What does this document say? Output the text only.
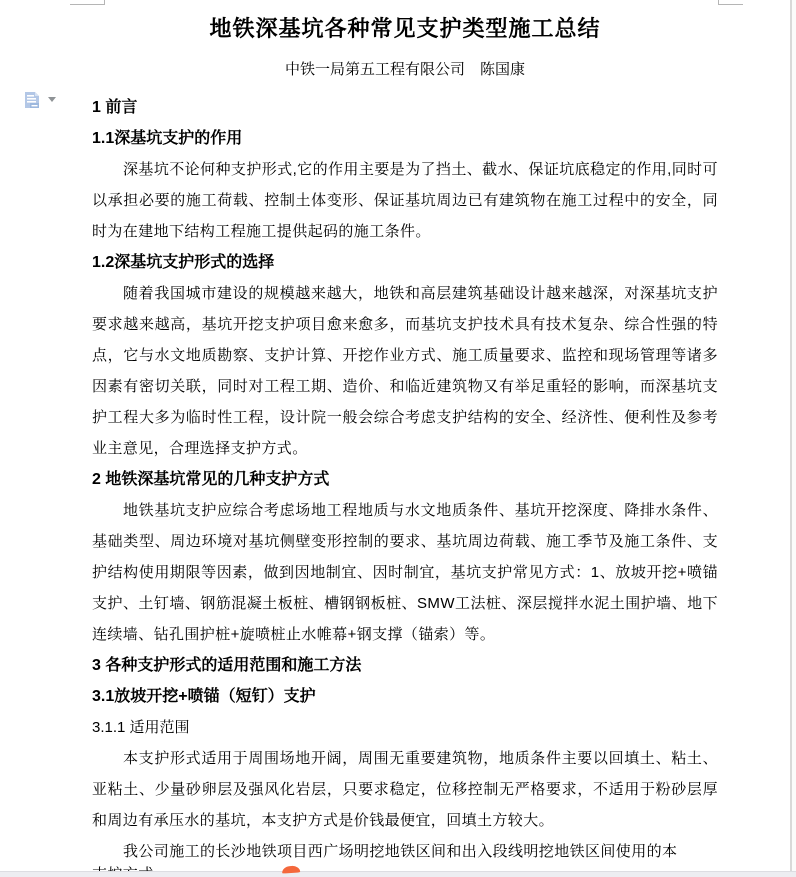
地铁深基坑各种常见支护类型施工总结
中铁一局第五工程有限公司　陈国康
1 前言
1.1深基坑支护的作用
深基坑不论何种支护形式,它的作用主要是为了挡土、截水、保证坑底稳定的作用,同时可以承担必要的施工荷载、控制土体变形、保证基坑周边已有建筑物在施工过程中的安全，同时为在建地下结构工程施工提供起码的施工条件。
1.2深基坑支护形式的选择
随着我国城市建设的规模越来越大，地铁和高层建筑基础设计越来越深，对深基坑支护要求越来越高，基坑开挖支护项目愈来愈多，而基坑支护技术具有技术复杂、综合性强的特点，它与水文地质勘察、支护计算、开挖作业方式、施工质量要求、监控和现场管理等诸多因素有密切关联，同时对工程工期、造价、和临近建筑物又有举足重轻的影响，而深基坑支护工程大多为临时性工程，设计院一般会综合考虑支护结构的安全、经济性、便利性及参考业主意见，合理选择支护方式。
2 地铁深基坑常见的几种支护方式
地铁基坑支护应综合考虑场地工程地质与水文地质条件、基坑开挖深度、降排水条件、基础类型、周边环境对基坑侧壁变形控制的要求、基坑周边荷载、施工季节及施工条件、支护结构使用期限等因素，做到因地制宜、因时制宜，基坑支护常见方式：1、放坡开挖+喷锚支护、土钉墙、钢筋混凝土板桩、槽钢钢板桩、SMW工法桩、深层搅拌水泥土围护墙、地下连续墙、钻孔围护桩+旋喷桩止水帷幕+钢支撑（锚索）等。
3 各种支护形式的适用范围和施工方法
3.1放坡开挖+喷锚（短钉）支护
3.1.1 适用范围
本支护形式适用于周围场地开阔，周围无重要建筑物，地质条件主要以回填土、粘土、亚粘土、少量砂卵层及强风化岩层，只要求稳定，位移控制无严格要求，不适用于粉砂层厚和周边有承压水的基坑，本支护方式是价钱最便宜，回填土方较大。
我公司施工的长沙地铁项目西广场明挖地铁区间和出入段线明挖地铁区间使用的本
